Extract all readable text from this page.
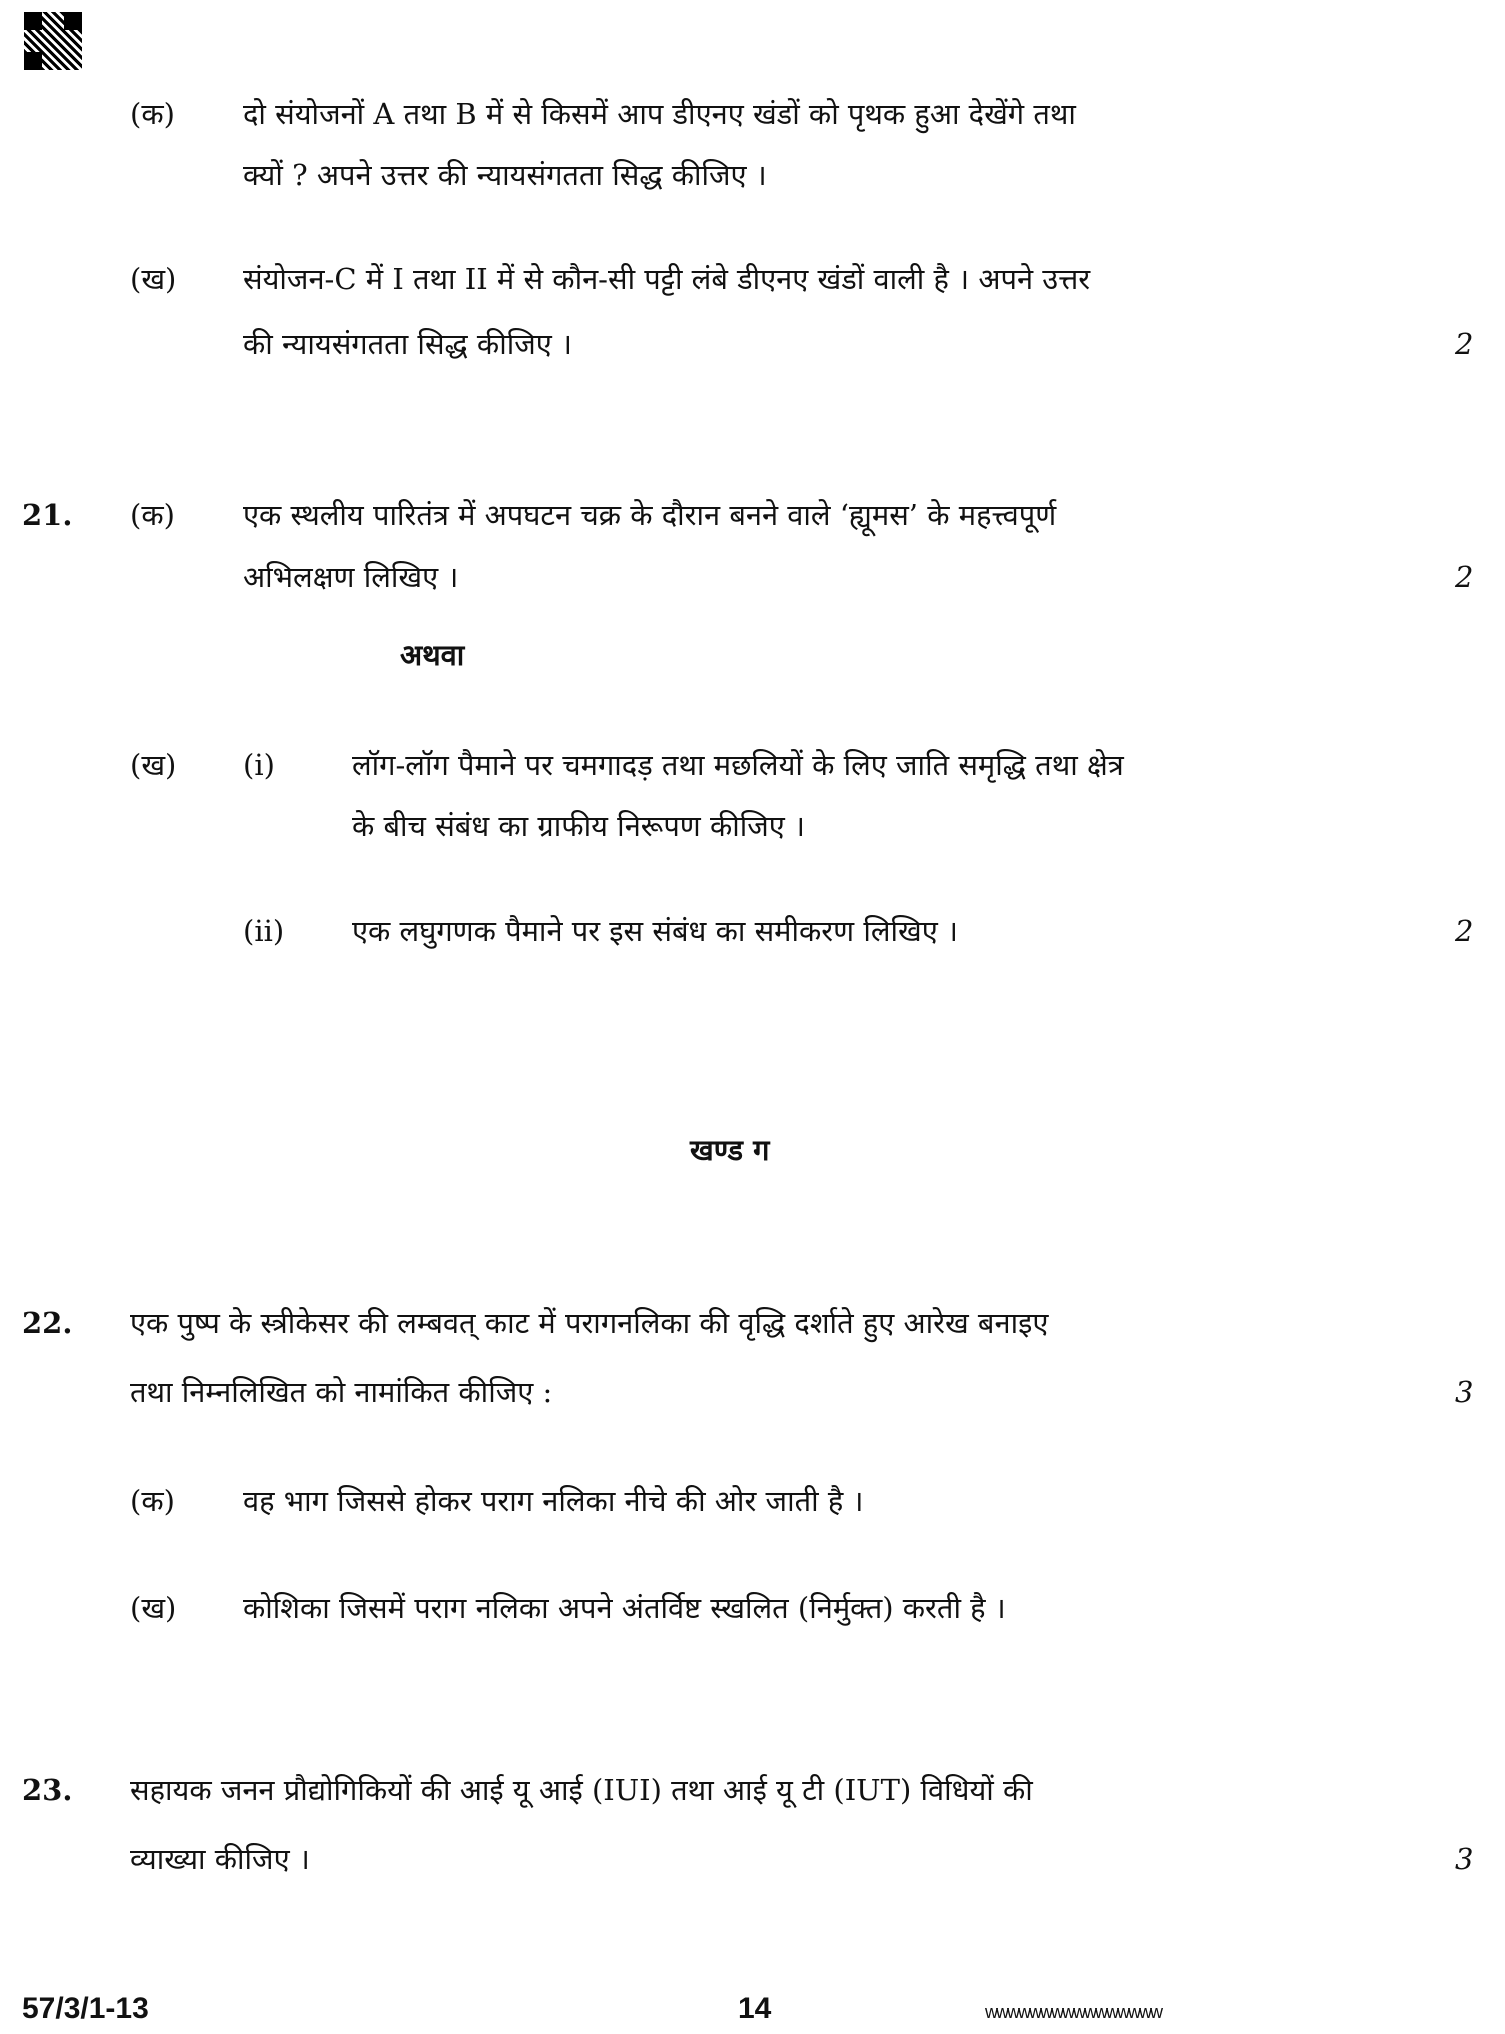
(क) दो संयोजनों A तथा B में से किसमें आप डीएनए खंडों को पृथक हुआ देखेंगे तथा
क्यों ? अपने उत्तर की न्यायसंगतता सिद्ध कीजिए ।
(ख) संयोजन-C में I तथा II में से कौन-सी पट्टी लंबे डीएनए खंडों वाली है । अपने उत्तर
की न्यायसंगतता सिद्ध कीजिए ।	2
21. (क) एक स्थलीय पारितंत्र में अपघटन चक्र के दौरान बनने वाले ‘ह्यूमस’ के महत्त्वपूर्ण
अभिलक्षण लिखिए ।	2
अथवा
(ख) (i)	लॉग-लॉग पैमाने पर चमगादड़ तथा मछलियों के लिए जाति समृद्धि तथा क्षेत्र
के बीच संबंध का ग्राफीय निरूपण कीजिए ।
(ii) एक लघुगणक पैमाने पर इस संबंध का समीकरण लिखिए ।	2
खण्ड ग
22. एक पुष्प के स्त्रीकेसर की लम्बवत् काट में परागनलिका की वृद्धि दर्शाते हुए आरेख बनाइए
तथा निम्नलिखित को नामांकित कीजिए :	3
(क) वह भाग जिससे होकर पराग नलिका नीचे की ओर जाती है ।
(ख) कोशिका जिसमें पराग नलिका अपने अंतर्विष्ट स्खलित (निर्मुक्त) करती है ।
23. सहायक जनन प्रौद्योगिकियों की आई यू आई (IUI) तथा आई यू टी (IUT) विधियों की
व्याख्या कीजिए ।	3
57/3/1-13	14	wwwwwwwwwwwwwwww
